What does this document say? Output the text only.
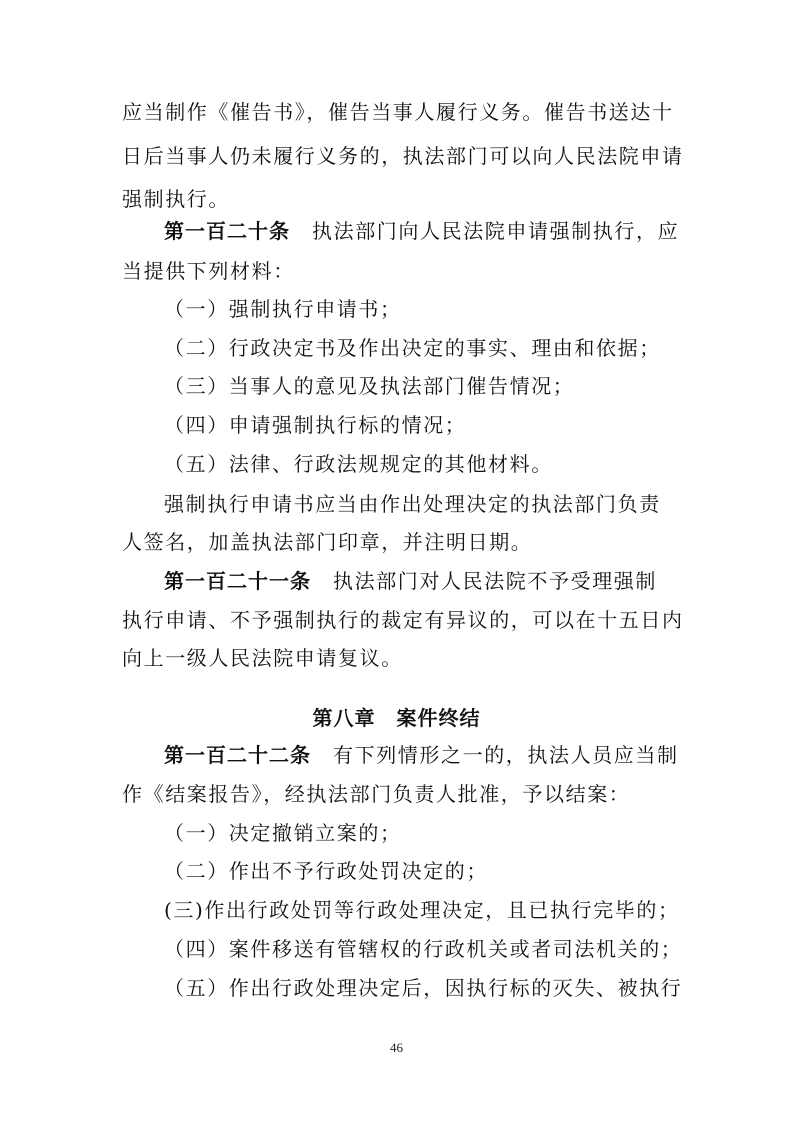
应当制作《催告书》，催告当事人履行义务。催告书送达十
日后当事人仍未履行义务的，执法部门可以向人民法院申请
强制执行。
第一百二十条 执法部门向人民法院申请强制执行，应
当提供下列材料：
（一）强制执行申请书；
（二）行政决定书及作出决定的事实、理由和依据；
（三）当事人的意见及执法部门催告情况；
（四）申请强制执行标的情况；
（五）法律、行政法规规定的其他材料。
强制执行申请书应当由作出处理决定的执法部门负责
人签名，加盖执法部门印章，并注明日期。
第一百二十一条 执法部门对人民法院不予受理强制
执行申请、不予强制执行的裁定有异议的，可以在十五日内
向上一级人民法院申请复议。
第八章　案件终结
第一百二十二条 有下列情形之一的，执法人员应当制
作《结案报告》，经执法部门负责人批准，予以结案：
（一）决定撤销立案的；
（二）作出不予行政处罚决定的；
(三)作出行政处罚等行政处理决定，且已执行完毕的；
（四）案件移送有管辖权的行政机关或者司法机关的；
（五）作出行政处理决定后，因执行标的灭失、被执行
46
